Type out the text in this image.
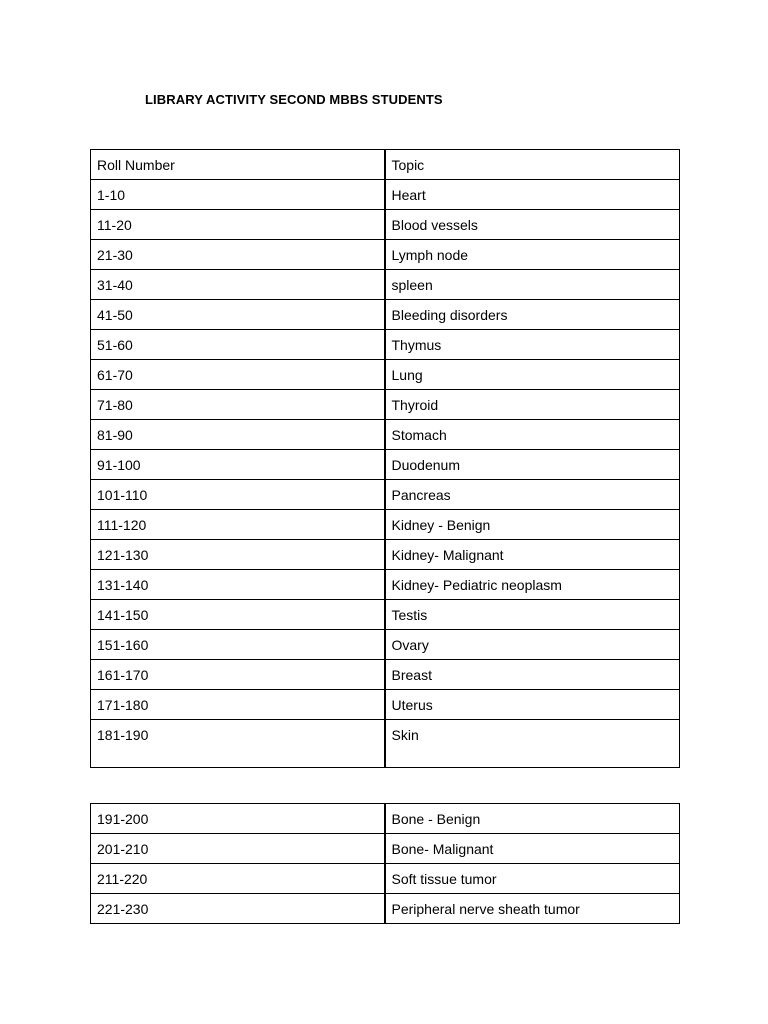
LIBRARY ACTIVITY SECOND MBBS STUDENTS
Roll Number	Topic
1-10	Heart
11-20	Blood vessels
21-30	Lymph node
31-40	spleen
41-50	Bleeding disorders
51-60	Thymus
61-70	Lung
71-80	Thyroid
81-90	Stomach
91-100	Duodenum
101-110	Pancreas
111-120	Kidney - Benign
121-130	Kidney- Malignant
131-140	Kidney- Pediatric neoplasm
141-150	Testis
151-160	Ovary
161-170	Breast
171-180	Uterus
181-190	Skin
191-200	Bone - Benign
201-210	Bone- Malignant
211-220	Soft tissue tumor
221-230	Peripheral nerve sheath tumor
